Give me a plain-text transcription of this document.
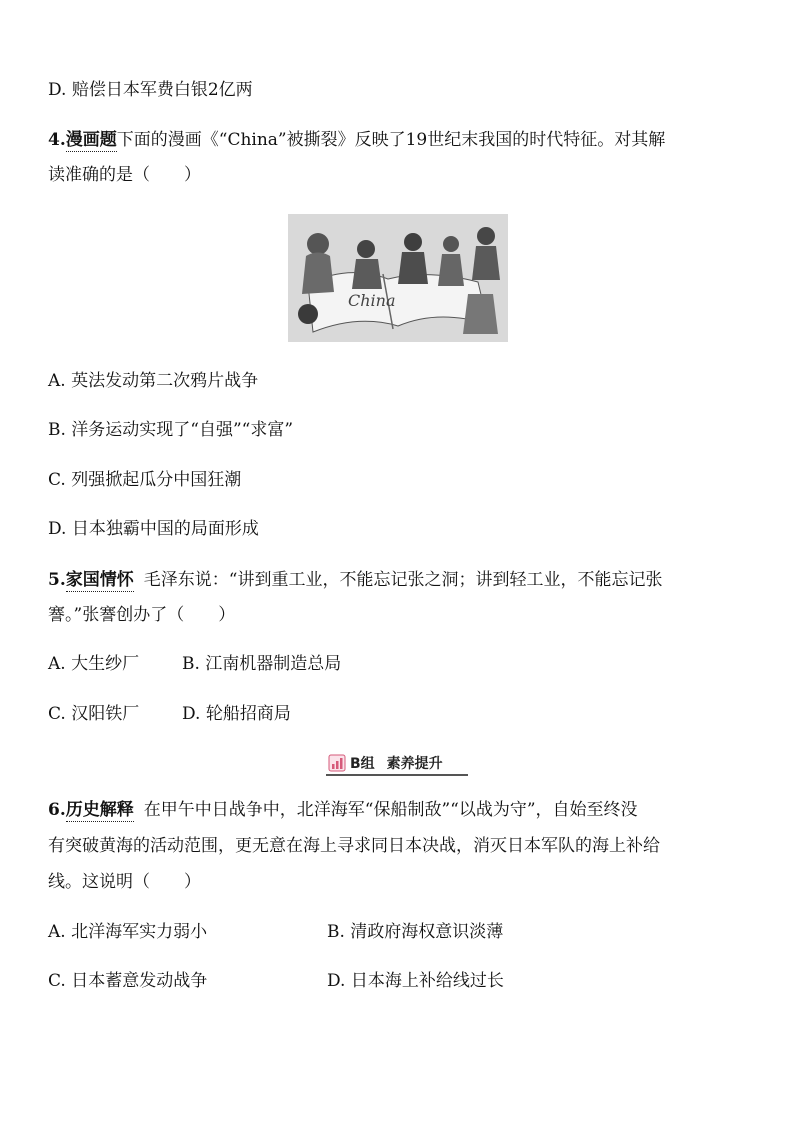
D. 赔偿日本军费白银2亿两
4.漫画题下面的漫画《“China”被撕裂》反映了19世纪末我国的时代特征。对其解
读准确的是（　　）
China
A. 英法发动第二次鸦片战争
B. 洋务运动实现了“自强”“求富”
C. 列强掀起瓜分中国狂潮
D. 日本独霸中国的局面形成
5.家国情怀 毛泽东说：“讲到重工业，不能忘记张之洞；讲到轻工业，不能忘记张
謇。”张謇创办了（　　）
A. 大生纱厂	B. 江南机器制造总局
C. 汉阳铁厂	D. 轮船招商局
B组 素养提升
6.历史解释 在甲午中日战争中，北洋海军“保船制敌”“以战为守”，自始至终没
有突破黄海的活动范围，更无意在海上寻求同日本决战，消灭日本军队的海上补给
线。这说明（　　）
A. 北洋海军实力弱小	B. 清政府海权意识淡薄
C. 日本蓄意发动战争	D. 日本海上补给线过长
